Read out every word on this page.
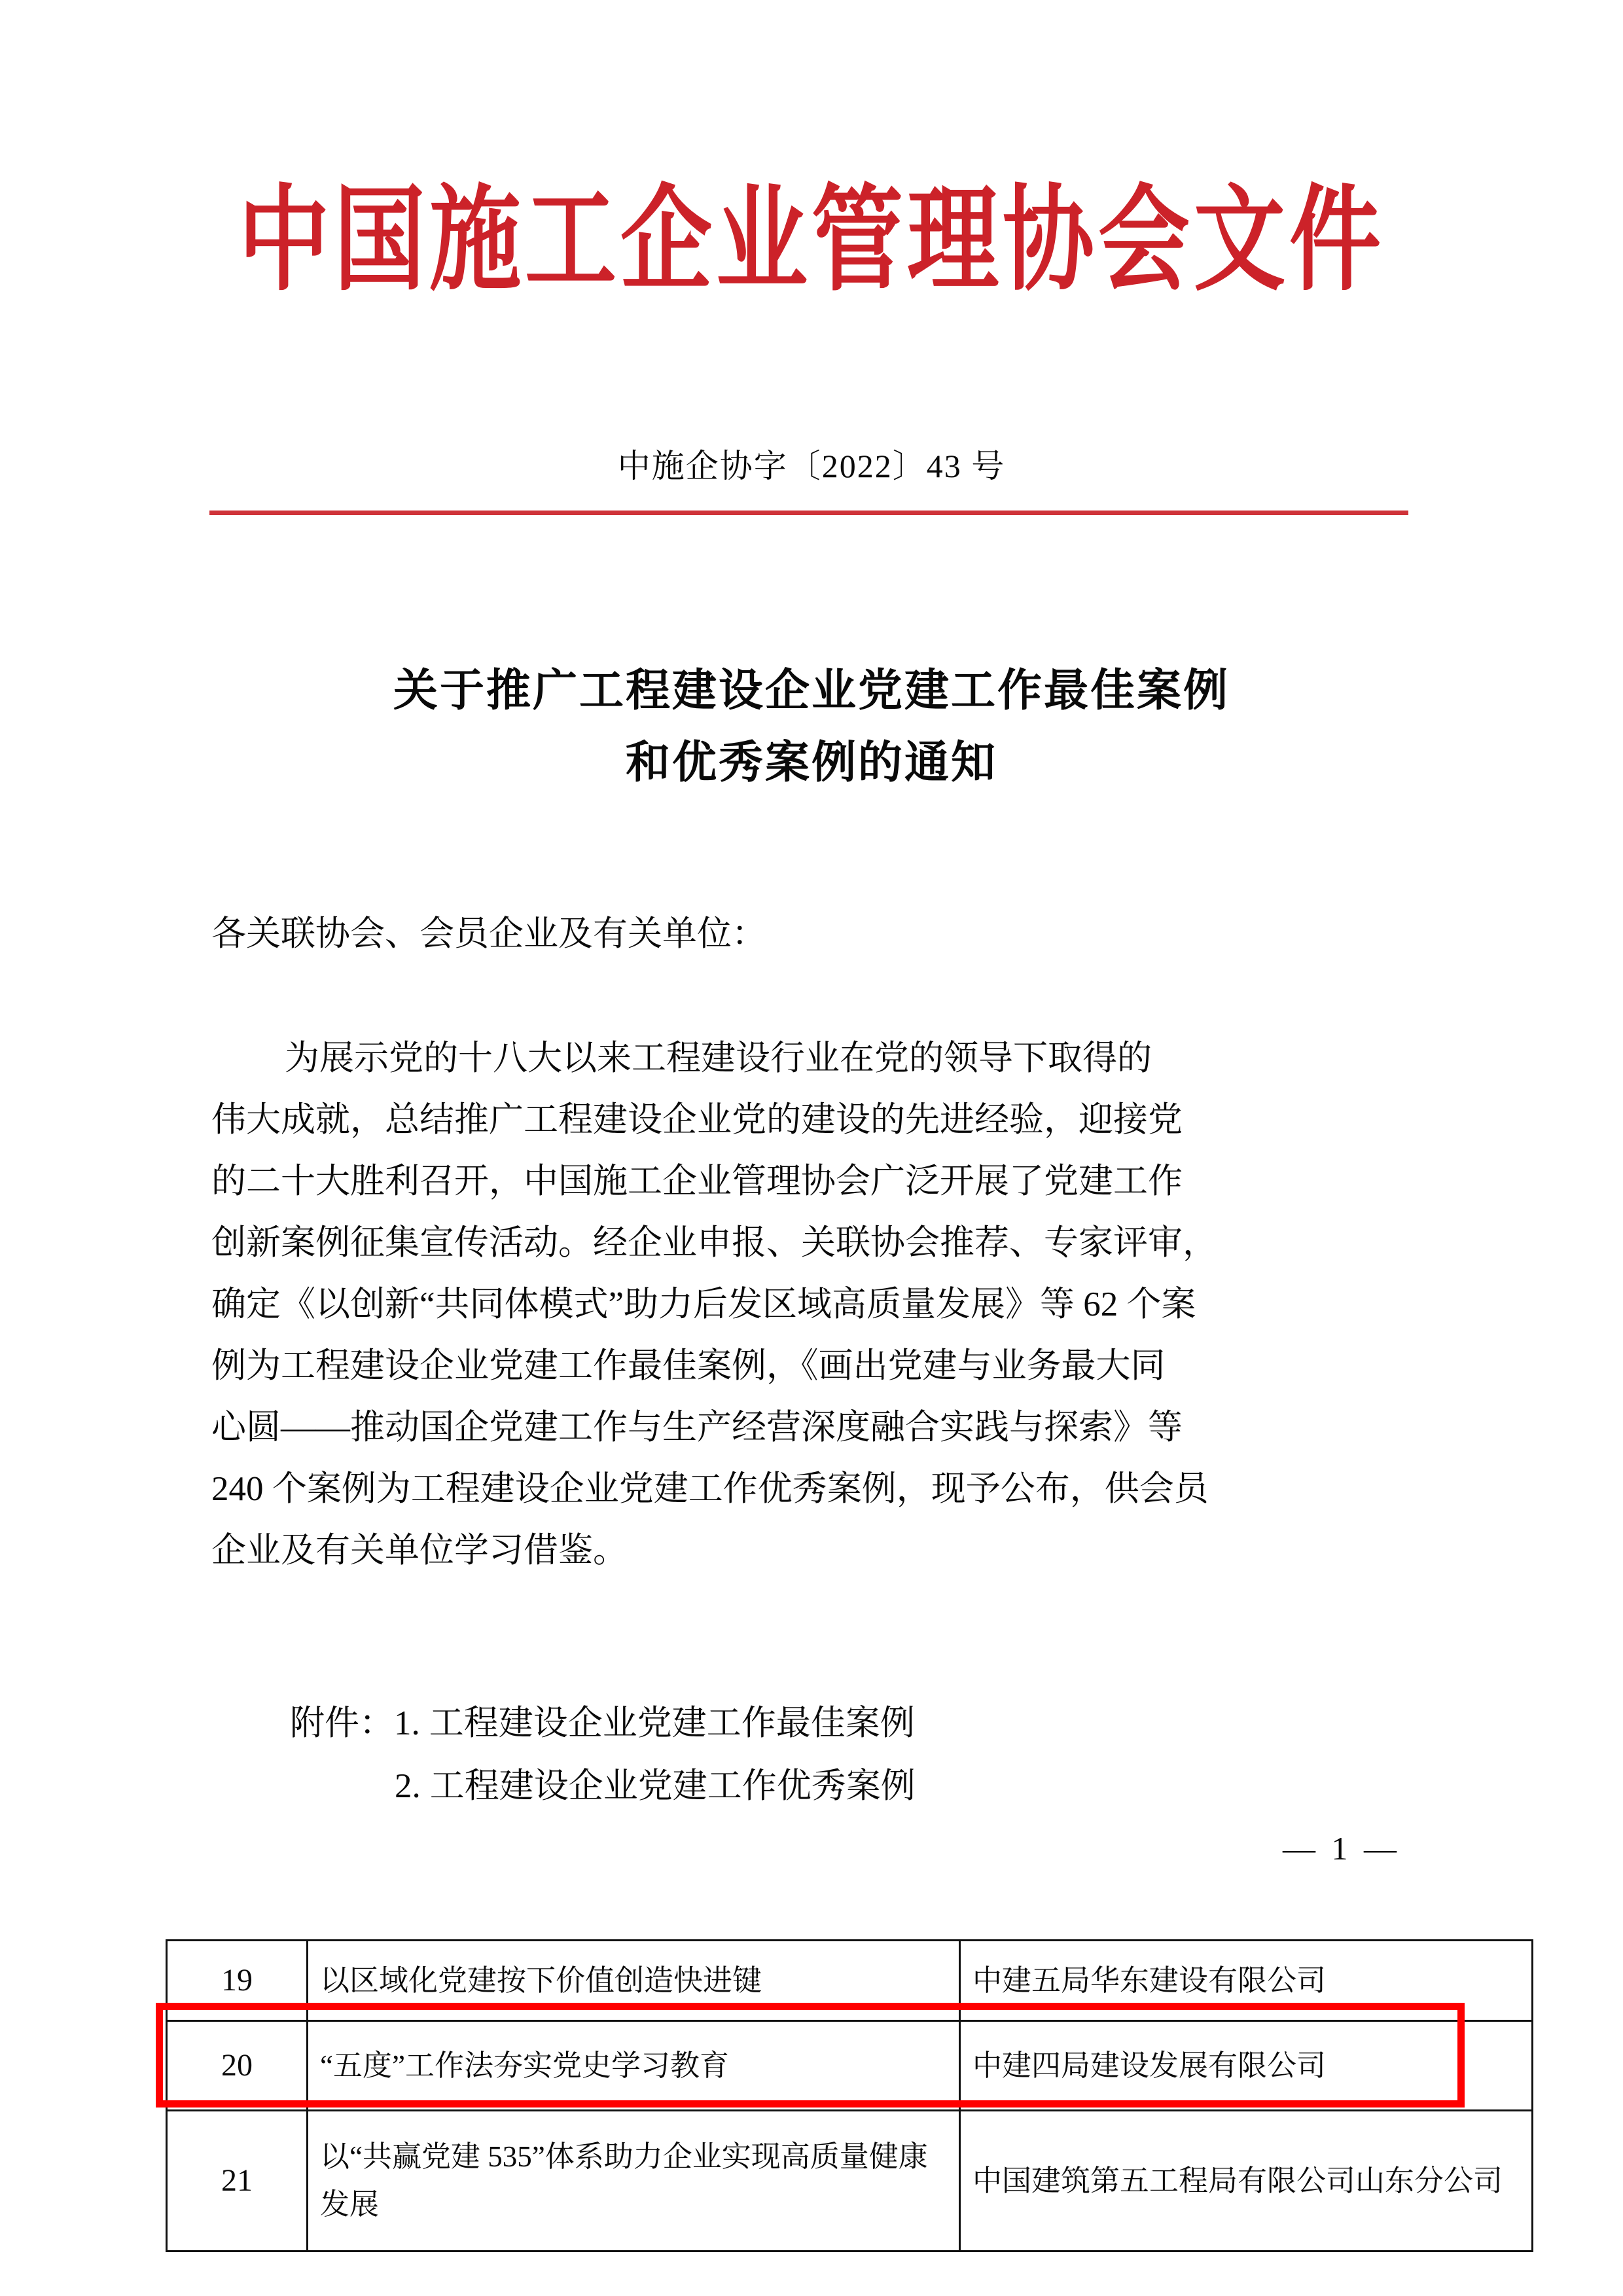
中国施工企业管理协会文件
中施企协字〔2022〕43 号
关于推广工程建设企业党建工作最佳案例
和优秀案例的通知
各关联协会、会员企业及有关单位：

为展示党的十八大以来工程建设行业在党的领导下取得的
伟大成就，总结推广工程建设企业党的建设的先进经验，迎接党
的二十大胜利召开，中国施工企业管理协会广泛开展了党建工作
创新案例征集宣传活动。经企业申报、关联协会推荐、专家评审，
确定《以创新“共同体模式”助力后发区域高质量发展》等 62 个案
例为工程建设企业党建工作最佳案例，《画出党建与业务最大同
心圆——推动国企党建工作与生产经营深度融合实践与探索》等
240 个案例为工程建设企业党建工作优秀案例，现予公布，供会员
企业及有关单位学习借鉴。
附件：1. 工程建设企业党建工作最佳案例
2. 工程建设企业党建工作优秀案例
— 1 —
19	以区域化党建按下价值创造快进键	中建五局华东建设有限公司
20	“五度”工作法夯实党史学习教育	中建四局建设发展有限公司
21	以“共赢党建 535”体系助力企业实现高质量健康发展	中国建筑第五工程局有限公司山东分公司
